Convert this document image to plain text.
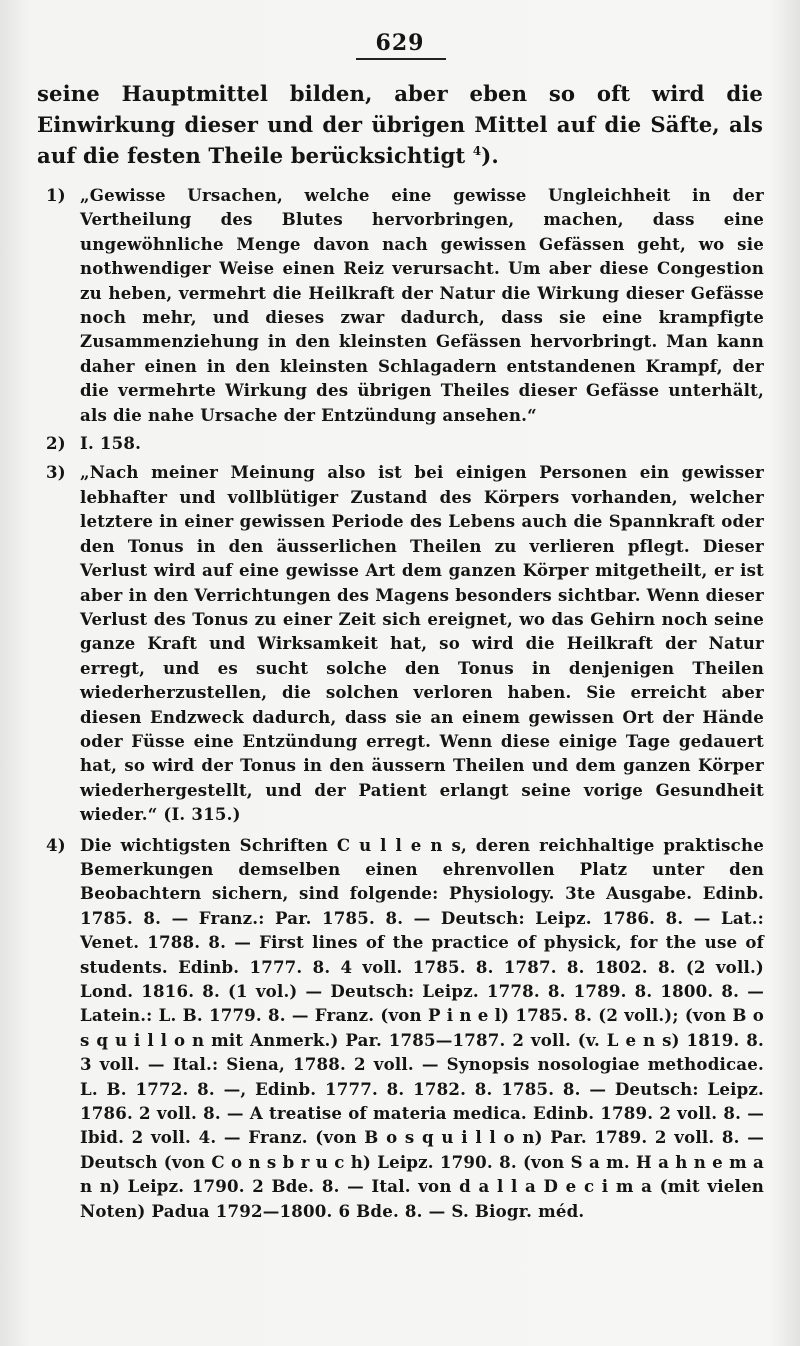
629

seine Hauptmittel bilden, aber eben so oft wird die Einwirkung dieser und der übrigen Mittel auf die Säfte, als auf die festen Theile berücksichtigt $^4$).

1) „Gewisse Ursachen, welche eine gewisse Ungleichheit in der Vertheilung des Blutes hervorbringen, machen, dass eine ungewöhnliche Menge davon nach gewissen Gefässen geht, wo sie nothwendiger Weise einen Reiz verursacht. Um aber diese Congestion zu heben, vermehrt die Heilkraft der Natur die Wirkung dieser Gefässe noch mehr, und dieses zwar dadurch, dass sie eine krampfigte Zusammenziehung in den kleinsten Gefässen hervorbringt. Man kann daher einen in den kleinsten Schlagadern entstandenen Krampf, der die vermehrte Wirkung des übrigen Theiles dieser Gefässe unterhält, als die nahe Ursache der Entzündung ansehen.“

2) I. 158.

3) „Nach meiner Meinung also ist bei einigen Personen ein gewisser lebhafter und vollblütiger Zustand des Körpers vorhanden, welcher letztere in einer gewissen Periode des Lebens auch die Spannkraft oder den Tonus in den äusserlichen Theilen zu verlieren pflegt. Dieser Verlust wird auf eine gewisse Art dem ganzen Körper mitgetheilt, er ist aber in den Verrichtungen des Magens besonders sichtbar. Wenn dieser Verlust des Tonus zu einer Zeit sich ereignet, wo das Gehirn noch seine ganze Kraft und Wirksamkeit hat, so wird die Heilkraft der Natur erregt, und es sucht solche den Tonus in denjenigen Theilen wiederherzustellen, die solchen verloren haben. Sie erreicht aber diesen Endzweck dadurch, dass sie an einem gewissen Ort der Hände oder Füsse eine Entzündung erregt. Wenn diese einige Tage gedauert hat, so wird der Tonus in den äussern Theilen und dem ganzen Körper wiederhergestellt, und der Patient erlangt seine vorige Gesundheit wieder.“ (I. 315.)

4) Die wichtigsten Schriften C u l l e n s, deren reichhaltige praktische Bemerkungen demselben einen ehrenvollen Platz unter den Beobachtern sichern, sind folgende: Physiology. 3te Ausgabe. Edinb. 1785. 8. — Franz.: Par. 1785. 8. — Deutsch: Leipz. 1786. 8. — Lat.: Venet. 1788. 8. — First lines of the practice of physick, for the use of students. Edinb. 1777. 8. 4 voll. 1785. 8. 1787. 8. 1802. 8. (2 voll.) Lond. 1816. 8. (1 vol.) — Deutsch: Leipz. 1778. 8. 1789. 8. 1800. 8. — Latein.: L. B. 1779. 8. — Franz. (von P i n e l) 1785. 8. (2 voll.); (von B o s q u i l l o n mit Anmerk.) Par. 1785—1787. 2 voll. (v. L e n s) 1819. 8. 3 voll. — Ital.: Siena, 1788. 2 voll. — Synopsis nosologiae methodicae. L. B. 1772. 8. —, Edinb. 1777. 8. 1782. 8. 1785. 8. — Deutsch: Leipz. 1786. 2 voll. 8. — A treatise of materia medica. Edinb. 1789. 2 voll. 8. — Ibid. 2 voll. 4. — Franz. (von B o s q u i l l o n) Par. 1789. 2 voll. 8. — Deutsch (von C o n s b r u c h) Leipz. 1790. 8. (von S a m. H a h n e m a n n) Leipz. 1790. 2 Bde. 8. — Ital. von d a l l a D e c i m a (mit vielen Noten) Padua 1792—1800. 6 Bde. 8. — S. Biogr. méd.
